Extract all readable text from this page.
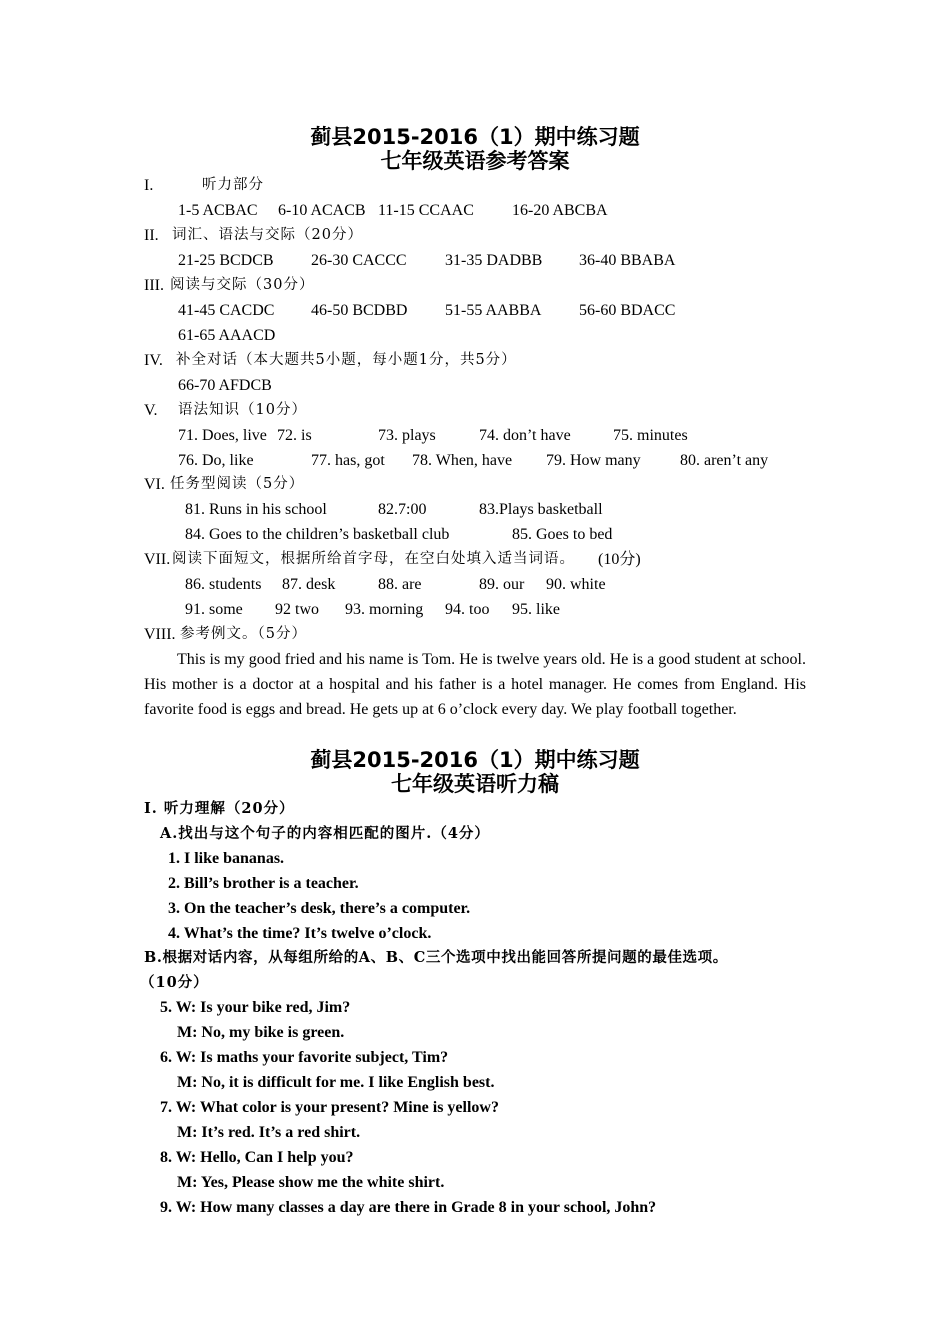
蓟县2015-2016（1）期中练习题
七年级英语参考答案
I.	听力部分
1-5 ACBAC 6-10 ACACB 11-15 CCAAC 16-20 ABCBA
II. 词汇、语法与交际（20分）
21-25 BCDCB 26-30 CACCC 31-35 DADBB 36-40 BBABA
III. 阅读与交际（30分）
41-45 CACDC 46-50 BCDBD 51-55 AABBA 56-60 BDACC
61-65 AAACD
IV. 补全对话（本大题共5小题，每小题1分，共5分）
66-70 AFDCB
V. 语法知识（10分）
71. Does, live 72. is	73. plays	74. don’t have	75. minutes
76. Do, like	77. has, got 78. When, have 79. How many 80. aren’t any
VI. 任务型阅读（5分）
81. Runs in his school	82.7:00	83.Plays basketball
84. Goes to the children’s basketball club	85. Goes to bed
VII. 阅读下面短文，根据所给首字母，在空白处填入适当词语。 (10分)
86. students 87. desk	88. are	89. our 90. white
91. some 92 two 93. morning 94. too 95. like
VIII. 参考例文。（5分）
This is my good fried and his name is Tom. He is twelve years old. He is a good student at school. His mother is a doctor at a hospital and his father is a hotel manager. He comes from England. His favorite food is eggs and bread. He gets up at 6 o’clock every day. We play football together.
蓟县2015-2016（1）期中练习题
七年级英语听力稿
I. 听力理解（20分）
A.找出与这个句子的内容相匹配的图片.（4分）
1. I like bananas.
2. Bill’s brother is a teacher.
3. On the teacher’s desk, there’s a computer.
4. What’s the time? It’s twelve o’clock.
B.根据对话内容，从每组所给的A、B、C三个选项中找出能回答所提问题的最佳选项。
（10分）
5. W: Is your bike red, Jim?
M: No, my bike is green.
6. W: Is maths your favorite subject, Tim?
M: No, it is difficult for me. I like English best.
7. W: What color is your present? Mine is yellow?
M: It’s red. It’s a red shirt.
8. W: Hello, Can I help you?
M: Yes, Please show me the white shirt.
9. W: How many classes a day are there in Grade 8 in your school, John?
